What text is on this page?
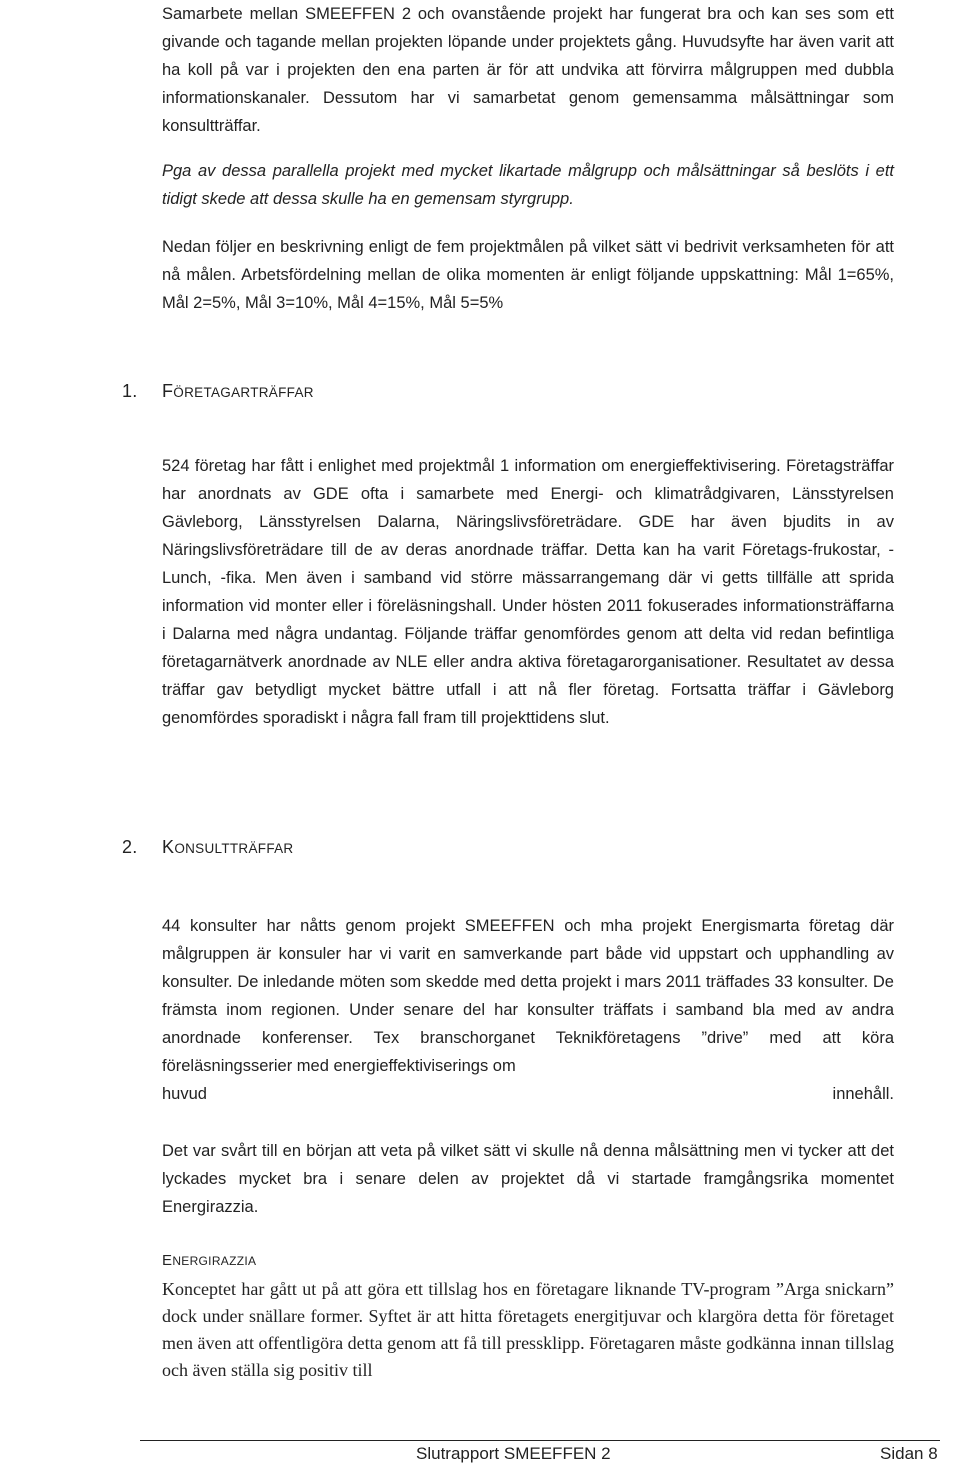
Samarbete mellan SMEEFFEN 2 och ovanstående projekt har fungerat bra och kan ses som ett givande och tagande mellan projekten löpande under projektets gång. Huvudsyfte har även varit att ha koll på var i projekten den ena parten är för att undvika att förvirra målgruppen med dubbla informationskanaler. Dessutom har vi samarbetat genom gemensamma målsättningar som konsultträffar.

Pga av dessa parallella projekt med mycket likartade målgrupp och målsättningar så beslöts i ett tidigt skede att dessa skulle ha en gemensam styrgrupp.

Nedan följer en beskrivning enligt de fem projektmålen på vilket sätt vi bedrivit verksamheten för att nå målen. Arbetsfördelning mellan de olika momenten är enligt följande uppskattning: Mål 1=65%, Mål 2=5%, Mål 3=10%, Mål 4=15%, Mål 5=5%

1. FÖRETAGARTRÄFFAR

524 företag har fått i enlighet med projektmål 1 information om energieffektivisering. Företagsträffar har anordnats av GDE ofta i samarbete med Energi- och klimatrådgivaren, Länsstyrelsen Gävleborg, Länsstyrelsen Dalarna, Näringslivsföreträdare. GDE har även bjudits in av Näringslivsföreträdare till de av deras anordnade träffar. Detta kan ha varit Företags-frukostar, -Lunch, -fika. Men även i samband vid större mässarrangemang där vi getts tillfälle att sprida information vid monter eller i föreläsningshall. Under hösten 2011 fokuserades informationsträffarna i Dalarna med några undantag. Följande träffar genomfördes genom att delta vid redan befintliga företagarnätverk anordnade av NLE eller andra aktiva företagarorganisationer. Resultatet av dessa träffar gav betydligt mycket bättre utfall i att nå fler företag. Fortsatta träffar i Gävleborg genomfördes sporadiskt i några fall fram till projekttidens slut.

2. KONSULTTRÄFFAR

44 konsulter har nåtts genom projekt SMEEFFEN och mha projekt Energismarta företag där målgruppen är konsuler har vi varit en samverkande part både vid uppstart och upphandling av konsulter. De inledande möten som skedde med detta projekt i mars 2011 träffades 33 konsulter. De främsta inom regionen. Under senare del har konsulter träffats i samband bla med av andra anordnade konferenser. Tex branschorganet Teknikföretagens ”drive” med att köra föreläsningsserier med energieffektiviserings om

huvud	innehåll.

Det var svårt till en början att veta på vilket sätt vi skulle nå denna målsättning men vi tycker att det lyckades mycket bra i senare delen av projektet då vi startade framgångsrika momentet Energirazzia.

ENERGIRAZZIA

Konceptet har gått ut på att göra ett tillslag hos en företagare liknande TV-program ”Arga snickarn” dock under snällare former. Syftet är att hitta företagets energitjuvar och klargöra detta för företaget men även att offentligöra detta genom att få till pressklipp. Företagaren måste godkänna innan tillslag och även ställa sig positiv till

Slutrapport SMEEFFEN 2	Sidan 8
